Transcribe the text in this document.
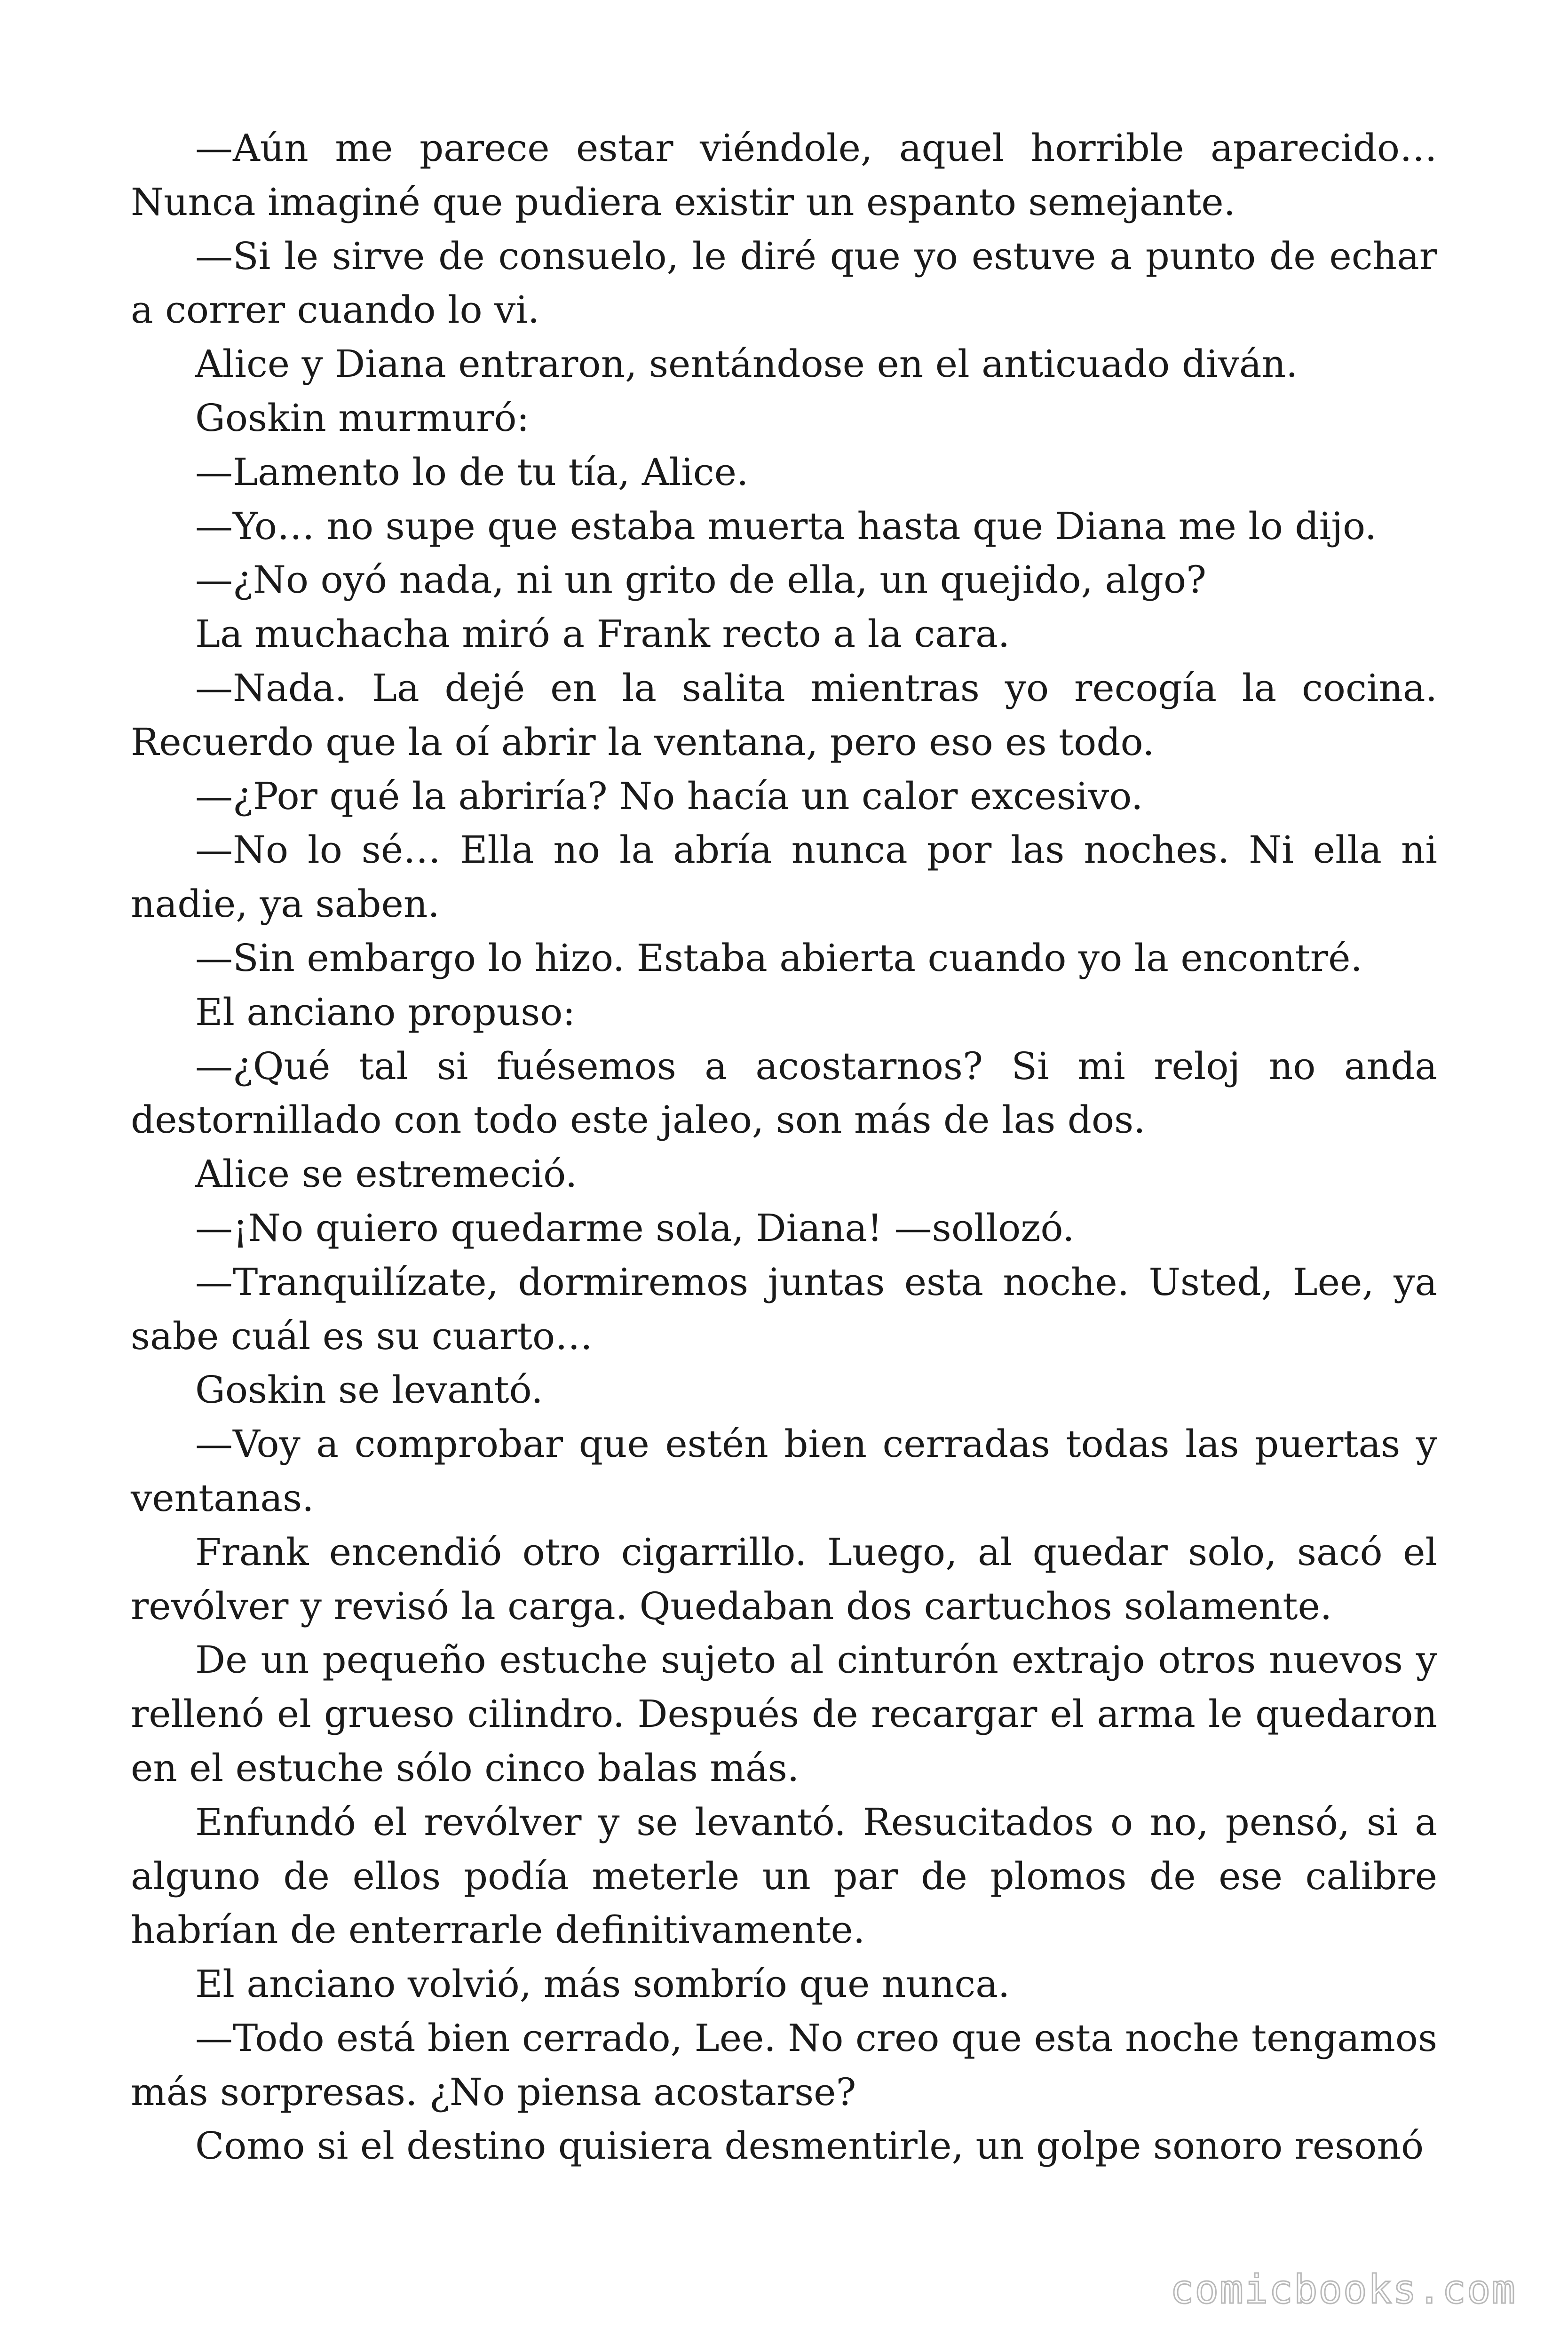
—Aún me parece estar viéndole, aquel horrible aparecido… Nunca imaginé que pudiera existir un espanto semejante.

—Si le sirve de consuelo, le diré que yo estuve a punto de echar a correr cuando lo vi.

Alice y Diana entraron, sentándose en el anticuado diván.

Goskin murmuró:

—Lamento lo de tu tía, Alice.

—Yo… no supe que estaba muerta hasta que Diana me lo dijo.

—¿No oyó nada, ni un grito de ella, un quejido, algo?

La muchacha miró a Frank recto a la cara.

—Nada. La dejé en la salita mientras yo recogía la cocina. Recuerdo que la oí abrir la ventana, pero eso es todo.

—¿Por qué la abriría? No hacía un calor excesivo.

—No lo sé… Ella no la abría nunca por las noches. Ni ella ni nadie, ya saben.

—Sin embargo lo hizo. Estaba abierta cuando yo la encontré.

El anciano propuso:

—¿Qué tal si fuésemos a acostarnos? Si mi reloj no anda destornillado con todo este jaleo, son más de las dos.

Alice se estremeció.

—¡No quiero quedarme sola, Diana! —sollozó.

—Tranquilízate, dormiremos juntas esta noche. Usted, Lee, ya sabe cuál es su cuarto…

Goskin se levantó.

—Voy a comprobar que estén bien cerradas todas las puertas y ventanas.

Frank encendió otro cigarrillo. Luego, al quedar solo, sacó el revólver y revisó la carga. Quedaban dos cartuchos solamente.

De un pequeño estuche sujeto al cinturón extrajo otros nuevos y rellenó el grueso cilindro. Después de recargar el arma le quedaron en el estuche sólo cinco balas más.

Enfundó el revólver y se levantó. Resucitados o no, pensó, si a alguno de ellos podía meterle un par de plomos de ese calibre habrían de enterrarle definitivamente.

El anciano volvió, más sombrío que nunca.

—Todo está bien cerrado, Lee. No creo que esta noche tengamos más sorpresas. ¿No piensa acostarse?

Como si el destino quisiera desmentirle, un golpe sonoro resonó

comicbooks.com
